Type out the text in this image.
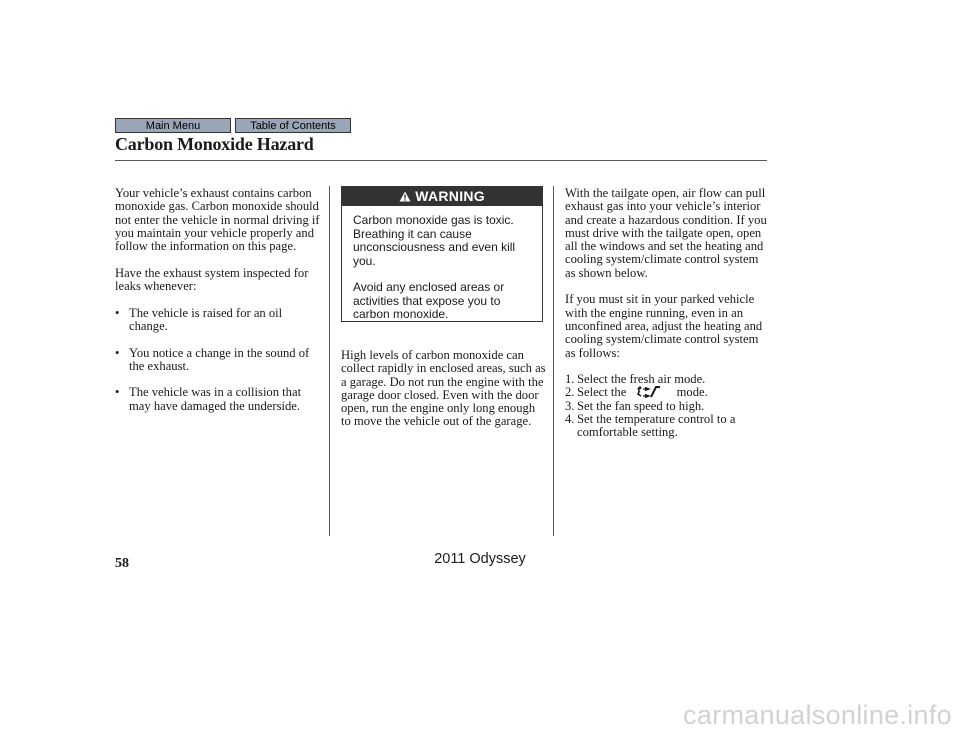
Main Menu	Table of Contents
Carbon Monoxide Hazard

Your vehicle’s exhaust contains carbon monoxide gas. Carbon monoxide should not enter the vehicle in normal driving if you maintain your vehicle properly and follow the information on this page.

Have the exhaust system inspected for leaks whenever:

• The vehicle is raised for an oil change.
• You notice a change in the sound of the exhaust.
• The vehicle was in a collision that may have damaged the underside.
WARNING

Carbon monoxide gas is toxic. Breathing it can cause unconsciousness and even kill you.

Avoid any enclosed areas or activities that expose you to carbon monoxide.

High levels of carbon monoxide can collect rapidly in enclosed areas, such as a garage. Do not run the engine with the garage door closed. Even with the door open, run the engine only long enough to move the vehicle out of the garage.

With the tailgate open, air flow can pull exhaust gas into your vehicle’s interior and create a hazardous condition. If you must drive with the tailgate open, open all the windows and set the heating and cooling system/climate control system as shown below.

If you must sit in your parked vehicle with the engine running, even in an unconfined area, adjust the heating and cooling system/climate control system as follows:

1. Select the fresh air mode.
2. Select the	mode.
3. Set the fan speed to high.
4. Set the temperature control to a comfortable setting.
58	2011 Odyssey
carmanualsonline.info
